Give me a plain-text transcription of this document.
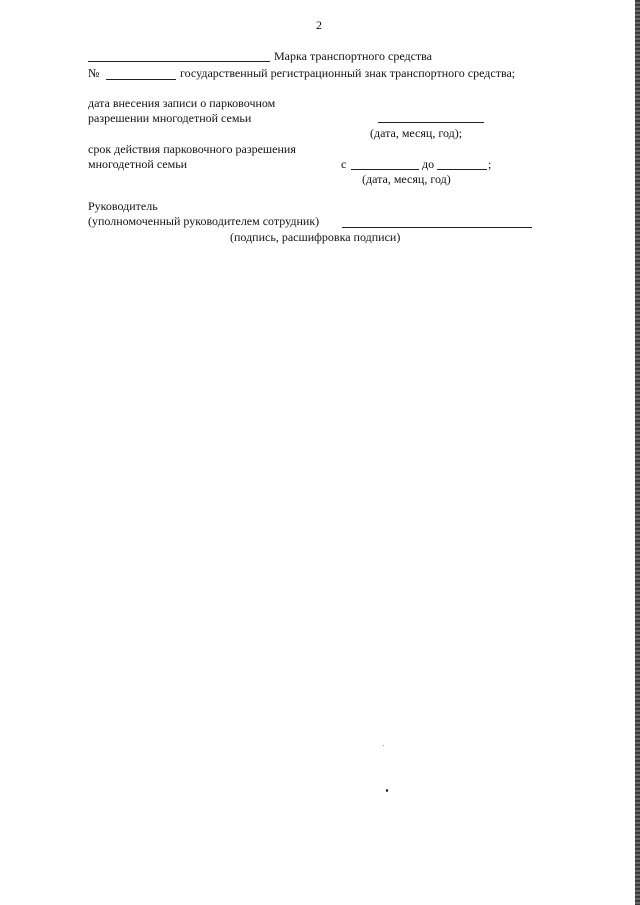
2
Марка транспортного средства
№	государственный регистрационный знак транспортного средства;
дата внесения записи о парковочном
разрешении многодетной семьи
(дата, месяц, год);
срок действия парковочного разрешения
многодетной семьи	с	до	;
(дата, месяц, год)
Руководитель
(уполномоченный руководителем сотрудник)
(подпись, расшифровка подписи)
